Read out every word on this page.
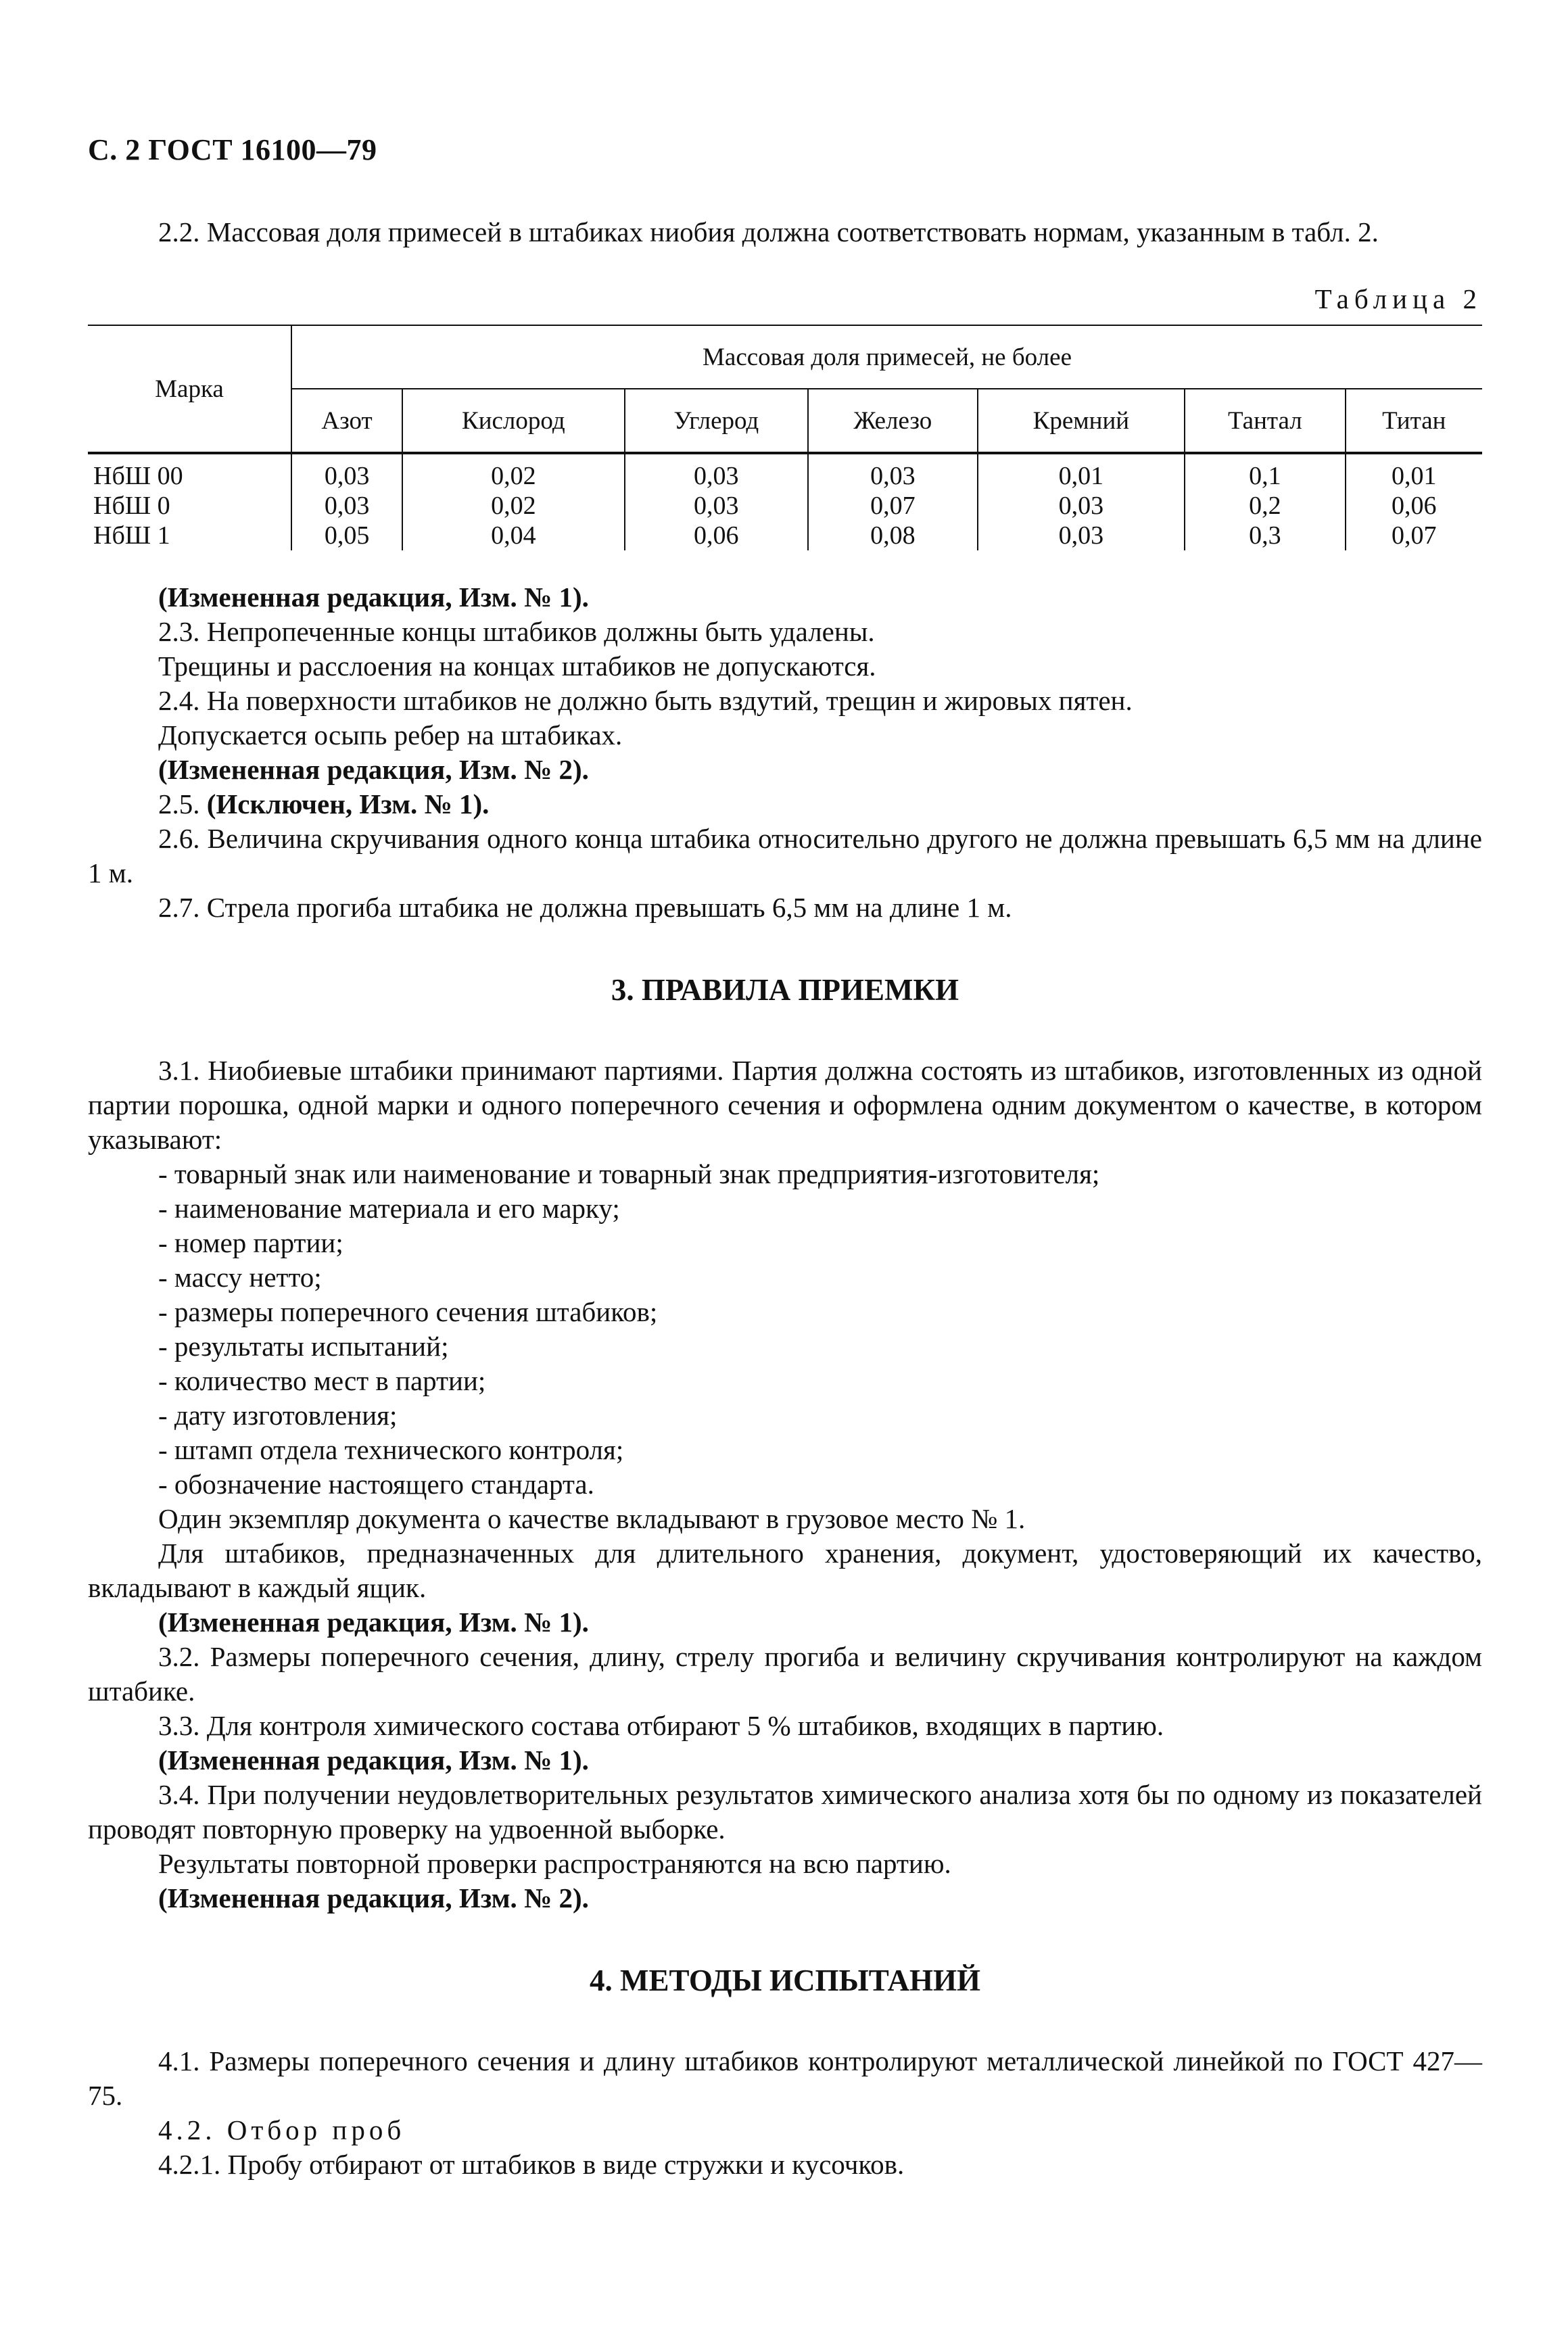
С. 2 ГОСТ 16100—79

2.2. Массовая доля примесей в штабиках ниобия должна соответствовать нормам, указанным в табл. 2.

Таблица 2
Марка	Массовая доля примесей, не более						
	Азот	Кислород	Углерод	Железо	Кремний	Тантал	Титан
НбШ 00	0,03	0,02	0,03	0,03	0,01	0,1	0,01
НбШ 0	0,03	0,02	0,03	0,07	0,03	0,2	0,06
НбШ 1	0,05	0,04	0,06	0,08	0,03	0,3	0,07

(Измененная редакция, Изм. № 1).

2.3. Непропеченные концы штабиков должны быть удалены.

Трещины и расслоения на концах штабиков не допускаются.

2.4. На поверхности штабиков не должно быть вздутий, трещин и жировых пятен.

Допускается осыпь ребер на штабиках.

(Измененная редакция, Изм. № 2).

2.5. (Исключен, Изм. № 1).

2.6. Величина скручивания одного конца штабика относительно другого не должна превышать 6,5 мм на длине 1 м.

2.7. Стрела прогиба штабика не должна превышать 6,5 мм на длине 1 м.

3. ПРАВИЛА ПРИЕМКИ

3.1. Ниобиевые штабики принимают партиями. Партия должна состоять из штабиков, изготовленных из одной партии порошка, одной марки и одного поперечного сечения и оформлена одним документом о качестве, в котором указывают:

- товарный знак или наименование и товарный знак предприятия-изготовителя;

- наименование материала и его марку;

- номер партии;

- массу нетто;

- размеры поперечного сечения штабиков;

- результаты испытаний;

- количество мест в партии;

- дату изготовления;

- штамп отдела технического контроля;

- обозначение настоящего стандарта.

Один экземпляр документа о качестве вкладывают в грузовое место № 1.

Для штабиков, предназначенных для длительного хранения, документ, удостоверяющий их качество, вкладывают в каждый ящик.

(Измененная редакция, Изм. № 1).

3.2. Размеры поперечного сечения, длину, стрелу прогиба и величину скручивания контролируют на каждом штабике.

3.3. Для контроля химического состава отбирают 5 % штабиков, входящих в партию.

(Измененная редакция, Изм. № 1).

3.4. При получении неудовлетворительных результатов химического анализа хотя бы по одному из показателей проводят повторную проверку на удвоенной выборке.

Результаты повторной проверки распространяются на всю партию.

(Измененная редакция, Изм. № 2).

4. МЕТОДЫ ИСПЫТАНИЙ

4.1. Размеры поперечного сечения и длину штабиков контролируют металлической линейкой по ГОСТ 427—75.

4.2. Отбор проб

4.2.1. Пробу отбирают от штабиков в виде стружки и кусочков.
